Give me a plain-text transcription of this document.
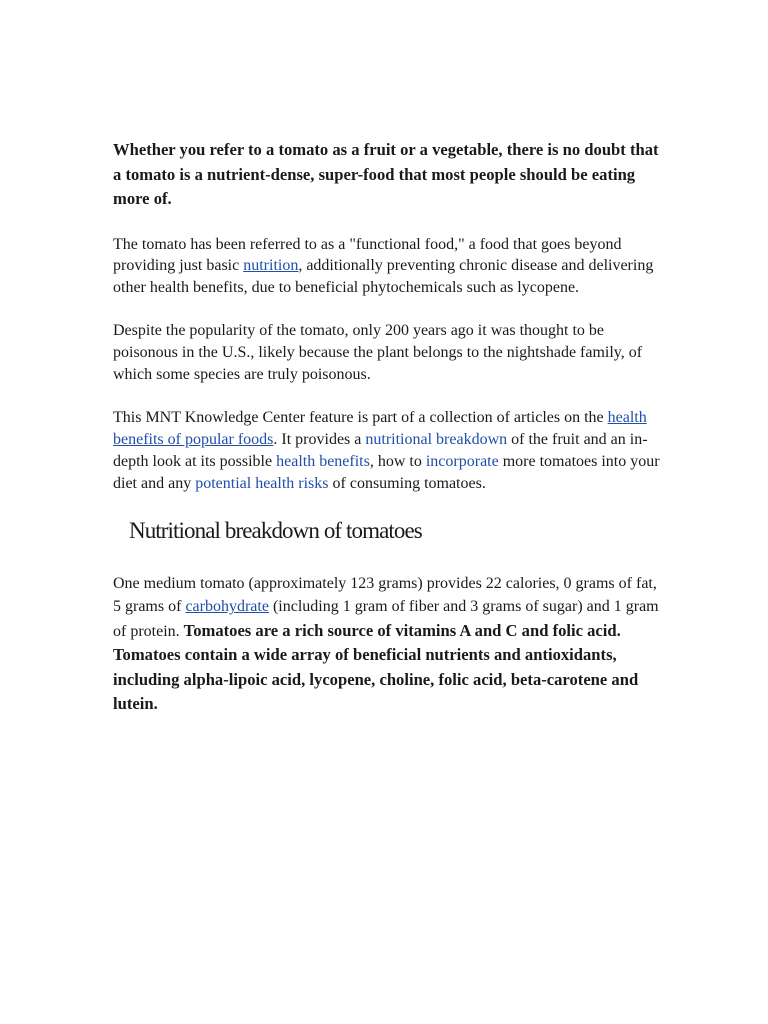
Whether you refer to a tomato as a fruit or a vegetable, there is no doubt that a tomato is a nutrient-dense, super-food that most people should be eating more of.

The tomato has been referred to as a "functional food," a food that goes beyond providing just basic nutrition, additionally preventing chronic disease and delivering other health benefits, due to beneficial phytochemicals such as lycopene.

Despite the popularity of the tomato, only 200 years ago it was thought to be poisonous in the U.S., likely because the plant belongs to the nightshade family, of which some species are truly poisonous.

This MNT Knowledge Center feature is part of a collection of articles on the health benefits of popular foods. It provides a nutritional breakdown of the fruit and an in-depth look at its possible health benefits, how to incorporate more tomatoes into your diet and any potential health risks of consuming tomatoes.

Nutritional breakdown of tomatoes

One medium tomato (approximately 123 grams) provides 22 calories, 0 grams of fat, 5 grams of carbohydrate (including 1 gram of fiber and 3 grams of sugar) and 1 gram of protein. Tomatoes are a rich source of vitamins A and C and folic acid. Tomatoes contain a wide array of beneficial nutrients and antioxidants, including alpha-lipoic acid, lycopene, choline, folic acid, beta-carotene and lutein.
